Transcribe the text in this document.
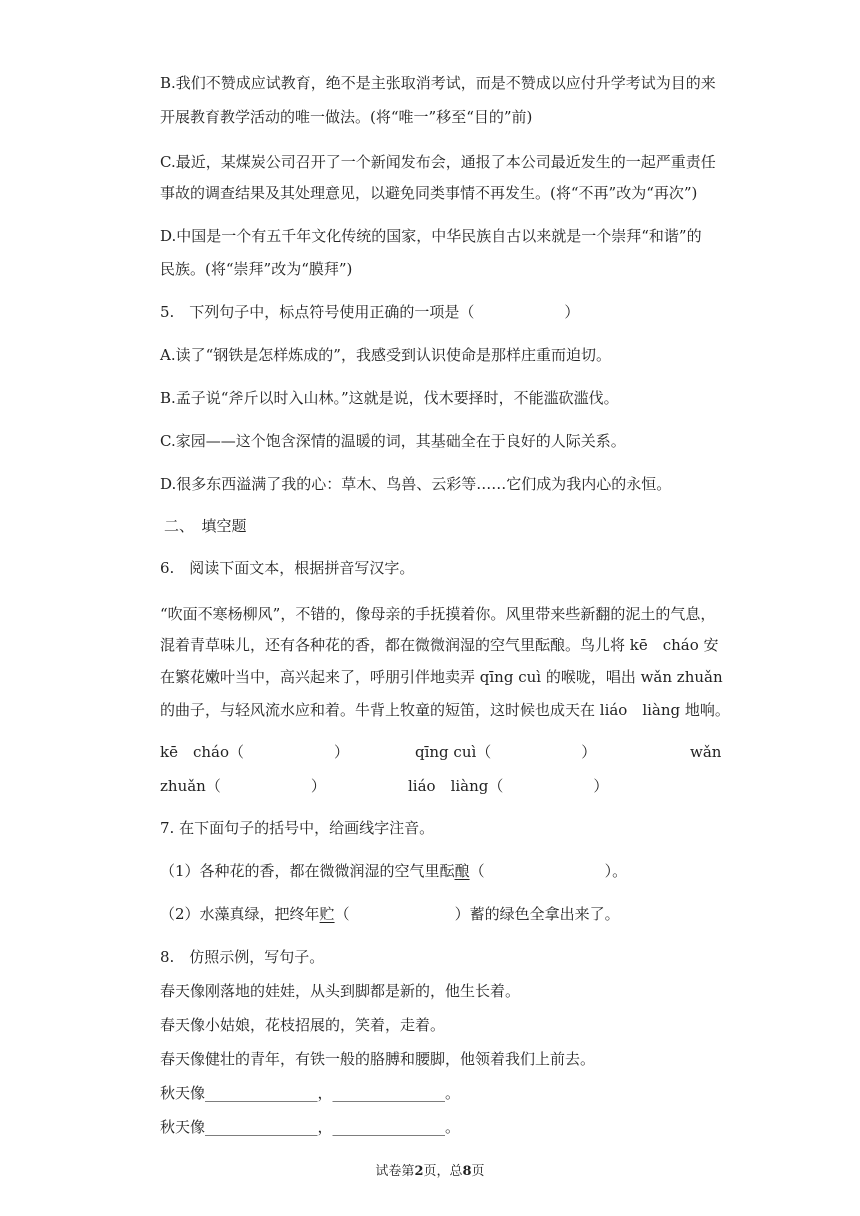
B.我们不赞成应试教育，绝不是主张取消考试，而是不赞成以应付升学考试为目的来
开展教育教学活动的唯一做法。(将“唯一”移至“目的”前)
C.最近，某煤炭公司召开了一个新闻发布会，通报了本公司最近发生的一起严重责任
事故的调查结果及其处理意见，以避免同类事情不再发生。(将“不再”改为“再次”)
D.中国是一个有五千年文化传统的国家，中华民族自古以来就是一个崇拜“和谐”的
民族。(将“崇拜”改为“膜拜”)
5.　下列句子中，标点符号使用正确的一项是（　　　　　　）
A.读了“钢铁是怎样炼成的”，我感受到认识使命是那样庄重而迫切。
B.孟子说“斧斤以时入山林。”这就是说，伐木要择时，不能滥砍滥伐。
C.家园——这个饱含深情的温暖的词，其基础全在于良好的人际关系。
D.很多东西溢满了我的心：草木、鸟兽、云彩等……它们成为我内心的永恒。
二、　填空题
6.　阅读下面文本，根据拼音写汉字。
“吹面不寒杨柳风”，不错的，像母亲的手抚摸着你。风里带来些新翻的泥土的气息，
混着青草味儿，还有各种花的香，都在微微润湿的空气里酝酿。鸟儿将 kē　cháo 安
在繁花嫩叶当中，高兴起来了，呼朋引伴地卖弄 qīng cuì 的喉咙，唱出 wǎn zhuǎn
的曲子，与轻风流水应和着。牛背上牧童的短笛，这时候也成天在 liáo　liàng 地响。
kē　cháo（　　　　　　）	qīng cuì（　　　　　　）	wǎn
zhuǎn（　　　　　　）	liáo　liàng（　　　　　　）
7. 在下面句子的括号中，给画线字注音。
（1）各种花的香，都在微微润湿的空气里酝酿（　　　　　　　　）。
（2）水藻真绿，把终年贮（　　　　　　　）蓄的绿色全拿出来了。
8.　仿照示例，写句子。
春天像刚落地的娃娃，从头到脚都是新的，他生长着。
春天像小姑娘，花枝招展的，笑着，走着。
春天像健壮的青年，有铁一般的胳膊和腰脚，他领着我们上前去。
秋天像_______________，_______________。
秋天像_______________，_______________。
试卷第2页，总8页
